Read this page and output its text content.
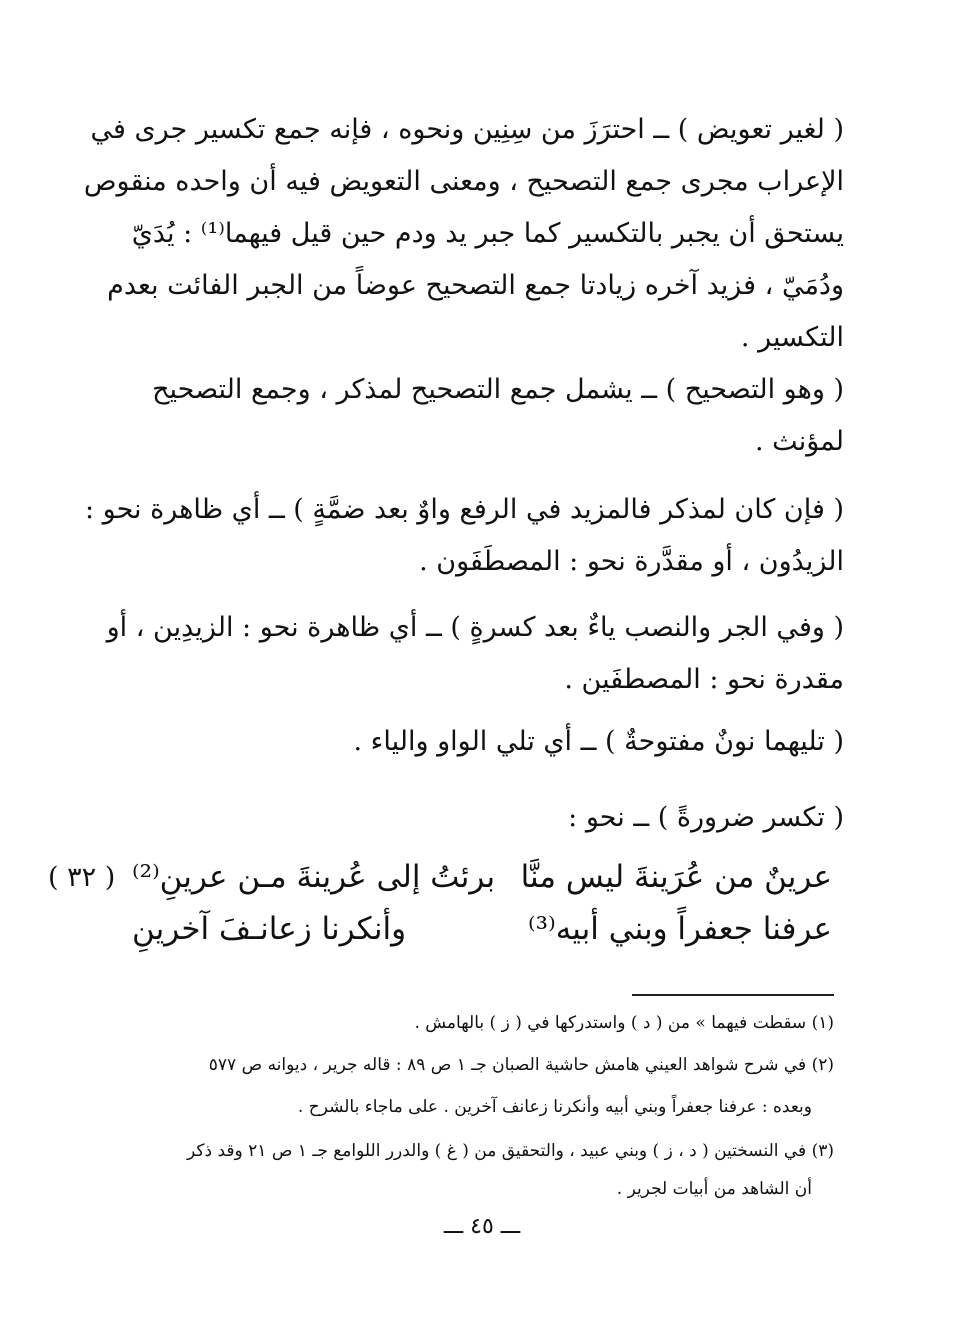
( لغير تعويض ) ــ احترَزَ من سِنِين ونحوه ، فإنه جمع تكسير جرى في
الإعراب مجرى جمع التصحيح ، ومعنى التعويض فيه أن واحده منقوص
يستحق أن يجبر بالتكسير كما جبر يد ودم حين قيل فيهما⁽¹⁾ : يُدَيّ
ودُمَيّ ، فزيد آخره زيادتا جمع التصحيح عوضاً من الجبر الفائت بعدم
التكسير .
( وهو التصحيح ) ــ يشمل جمع التصحيح لمذكر ، وجمع التصحيح
لمؤنث .
( فإن كان لمذكر فالمزيد في الرفع واوٌ بعد ضمَّةٍ ) ــ أي ظاهرة نحو :
الزيدُون ، أو مقدَّرة نحو : المصطَفَون .
( وفي الجر والنصب ياءٌ بعد كسرةٍ ) ــ أي ظاهرة نحو : الزيدِين ، أو
مقدرة نحو : المصطفَين .
( تليهما نونٌ مفتوحةٌ ) ــ أي تلي الواو والياء .
( تكسر ضرورةً ) ــ نحو :
( ٣٢ )	عرينٌ من عُرَينةَ ليس منَّا
برئتُ إلى عُرينةَ مـن عرينِ⁽²⁾
عرفنا جعفراً وبني أبيه⁽³⁾
وأنكرنا زعانـفَ آخرينِ
(١) سقطت فيهما » من ( د ) واستدركها في ( ز ) بالهامش .
(٢) في شرح شواهد العيني هامش حاشية الصبان جـ ١ ص ٨٩ : قاله جرير ، ديوانه ص ٥٧٧
وبعده : عرفنا جعفراً وبني أبيه وأنكرنا زعانف آخرين . على ماجاء بالشرح .
(٣) في النسختين ( د ، ز ) وبني عبيد ، والتحقيق من ( غ ) والدرر اللوامع جـ ١ ص ٢١ وقد ذكر
أن الشاهد من أبيات لجرير .
ـــ ٤٥ ـــ
